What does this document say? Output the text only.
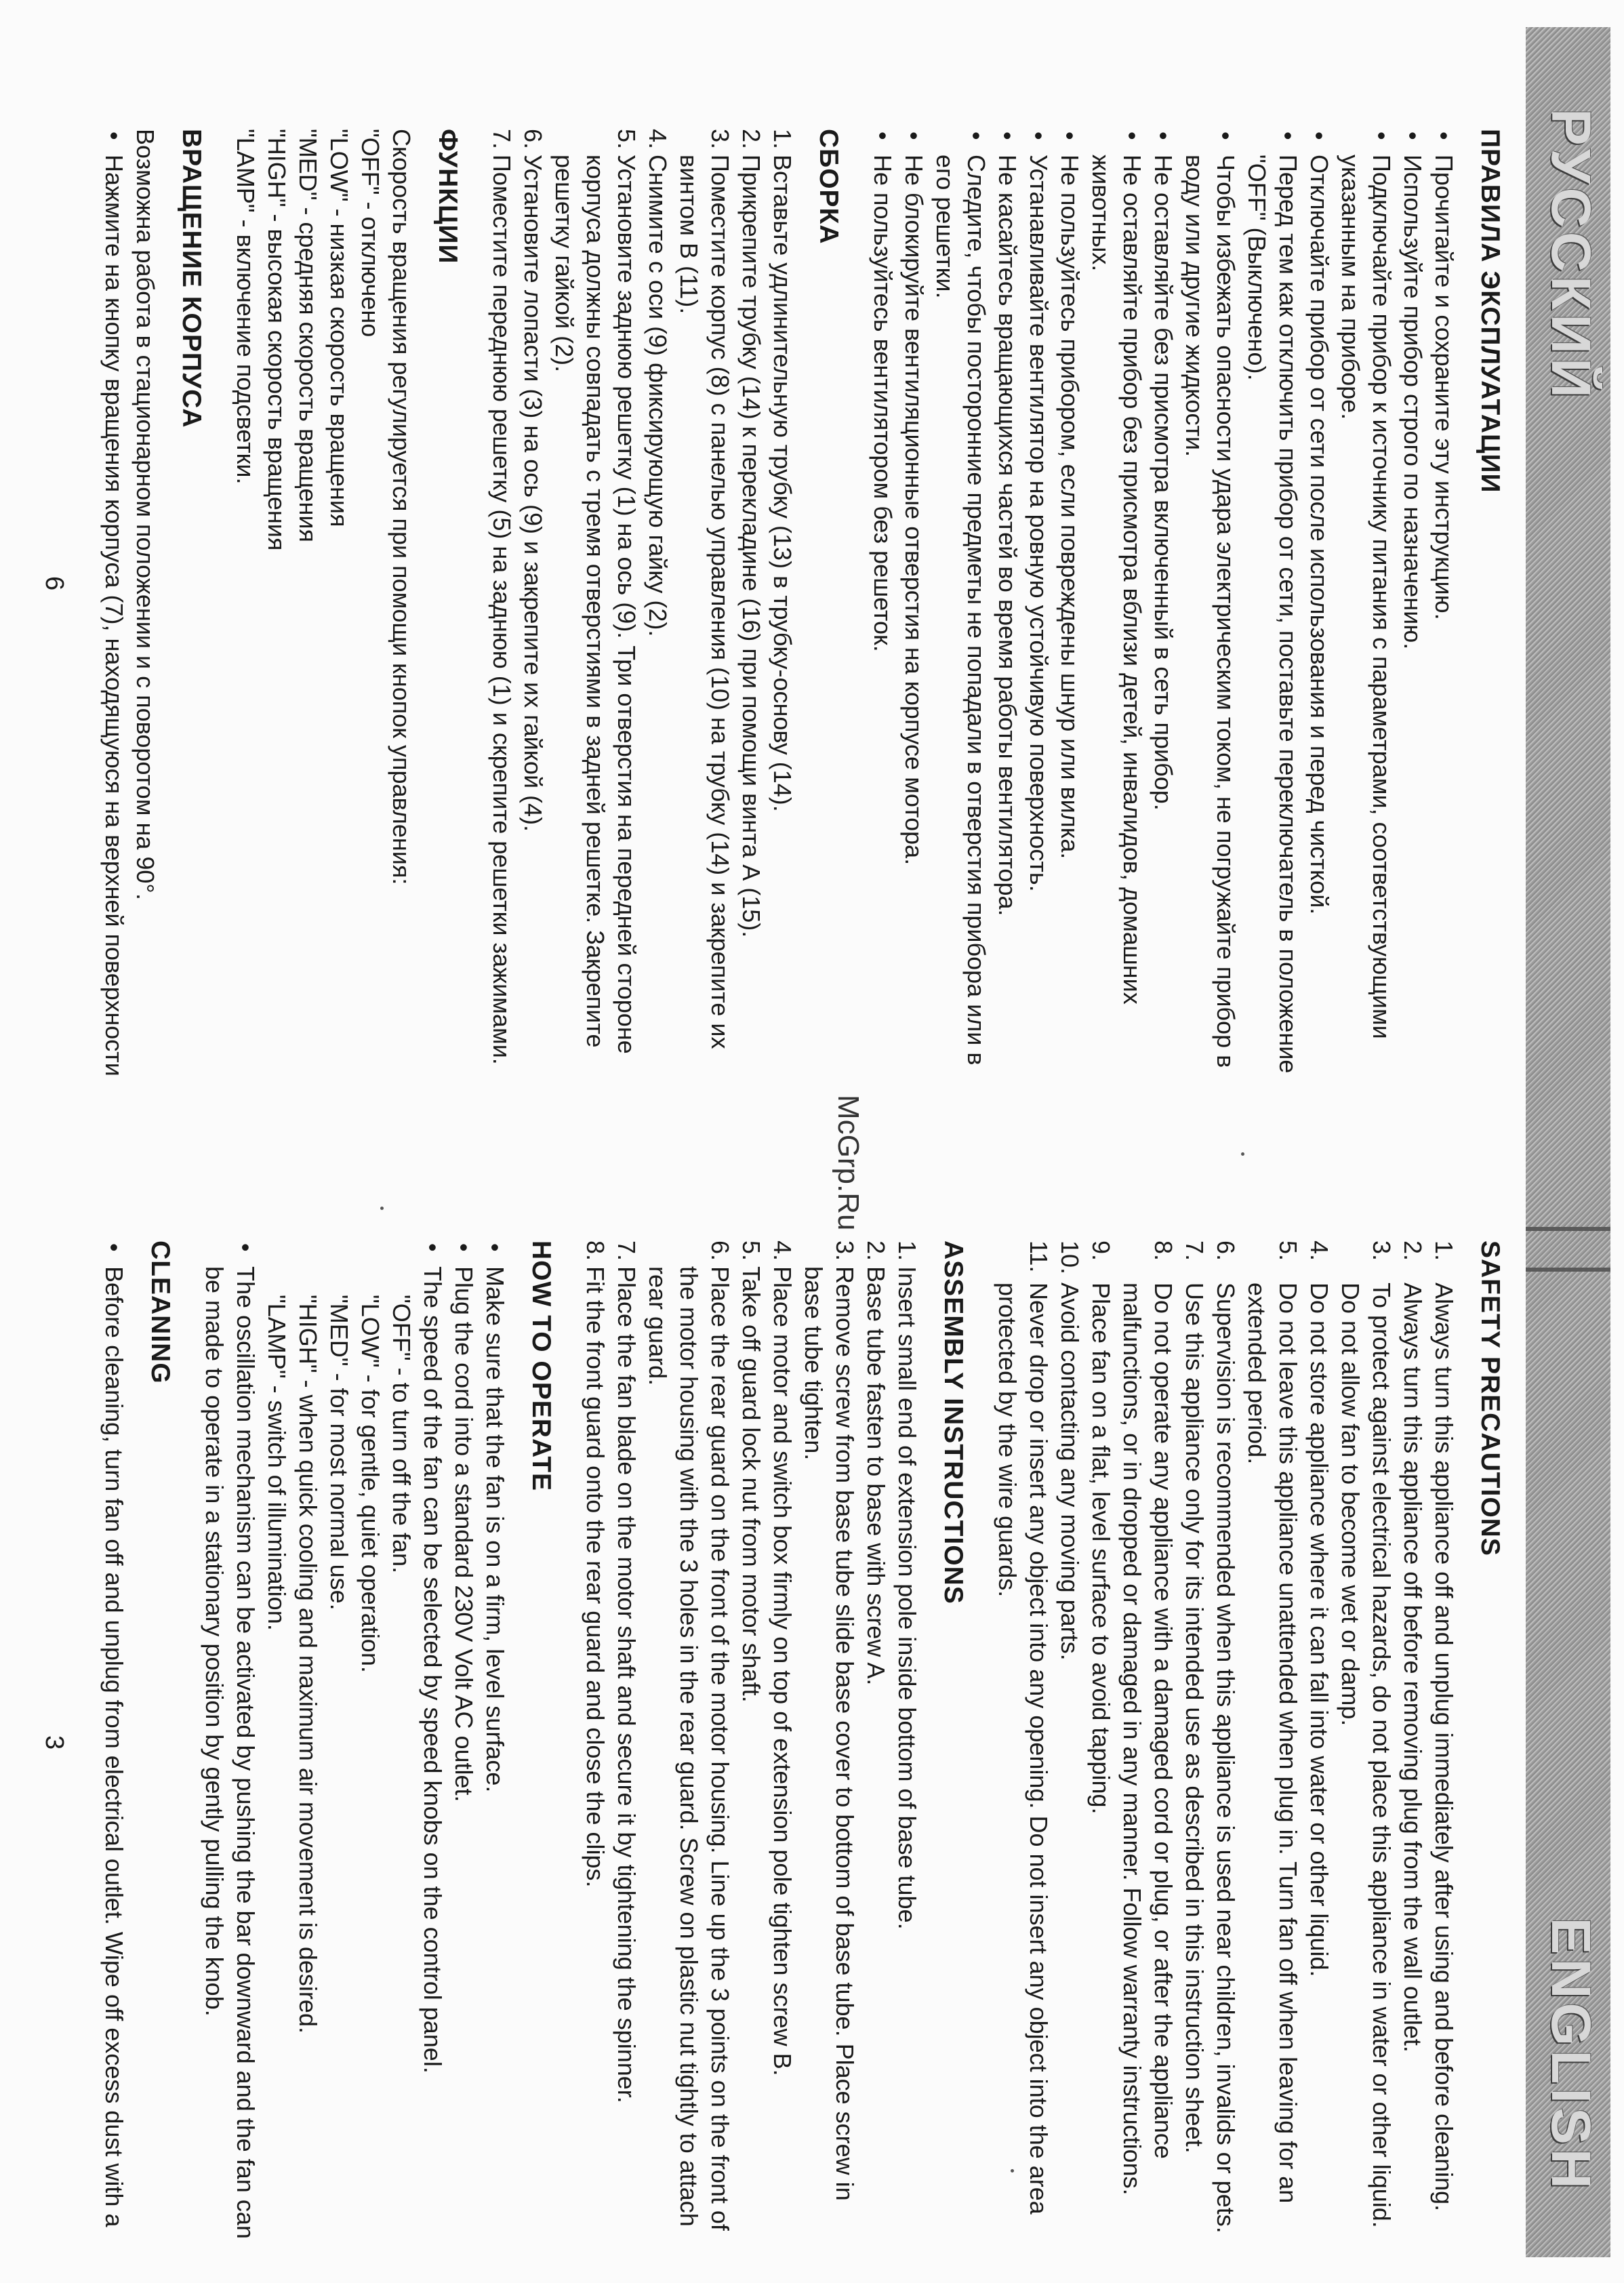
РУССКИЙ
ENGLISH
ПРАВИЛА ЭКСПЛУАТАЦИИ
• Прочитайте и сохраните эту инструкцию.
• Используйте прибор строго по назначению.
• Подключайте прибор к источнику питания с параметрами, соответствующими указанным на приборе.
• Отключайте прибор от сети после использования и перед чисткой.
• Перед тем как отключить прибор от сети, поставьте переключатель в положение "OFF" (Выключено).
• Чтобы избежать опасности удара электрическим током, не погружайте прибор в воду или другие жидкости.
• Не оставляйте без присмотра включенный в сеть прибор.
• Не оставляйте прибор без присмотра вблизи детей, инвалидов, домашних животных.
• Не пользуйтесь прибором, если повреждены шнур или вилка.
• Устанавливайте вентилятор на ровную устойчивую поверхность.
• Не касайтесь вращающихся частей во время работы вентилятора.
• Следите, чтобы посторонние предметы не попадали в отверстия прибора или в его решетки.
• Не блокируйте вентиляционные отверстия на корпусе мотора.
• Не пользуйтесь вентилятором без решеток.
СБОРКА
1.
Вставьте удлинительную трубку (13) в трубку-основу (14).
2.
Прикрепите трубку (14) к перекладине (16) при помощи винта А (15).
3.
Поместите корпус (8) с панелью управления (10) на трубку (14) и закрепите их винтом В (11).
4.
Снимите с оси (9) фиксирующую гайку (2).
5.
Установите заднюю решетку (1) на ось (9). Три отверстия на передней стороне корпуса должны совпадать с тремя отверстиями в задней решетке. Закрепите решетку гайкой (2).
6.
Установите лопасти (3) на ось (9) и закрепите их гайкой (4).
7.
Поместите переднюю решетку (5) на заднюю (1) и скрепите решетки зажимами.
ФУНКЦИИ

Скорость вращения регулируется при помощи кнопок управления:

"OFF" - отключено

"LOW" - низкая скорость вращения

"MED" - средняя скорость вращения

"HIGH" - высокая скорость вращения

"LAMP" - включение подсветки.

ВРАЩЕНИЕ КОРПУСА

Возможна работа в стационарном положении и с поворотом на 90°.

• Нажмите на кнопку вращения корпуса (7), находящуюся на верхней поверхности
6
McGrp.Ru
SAFETY PRECAUTIONS
1.
Always turn this appliance off and unplug immediately after using and before cleaning.
2.
Always turn this appliance off before removing plug from the wall outlet.
3.
To protect against electrical hazards, do not place this appliance in water or other liquid. Do not allow fan to become wet or damp.
4.
Do not store appliance where it can fall into water or other liquid.
5.
Do not leave this appliance unattended when plug in. Turn fan off when leaving for an extended period.
6.
Supervision is recommended when this appliance is used near children, invalids or pets.
7.
Use this appliance only for its intended use as described in this instruction sheet.
8.
Do not operate any appliance with a damaged cord or plug, or after the appliance malfunctions, or in dropped or damaged in any manner. Follow warranty instructions.
9.
Place fan on a flat, level surface to avoid tapping.
10.
Avoid contacting any moving parts.
11.
Never drop or insert any object into any opening. Do not insert any object into the area protected by the wire guards.
ASSEMBLY INSTRUCTIONS
1.
Insert small end of extension pole inside bottom of base tube.
2.
Base tube fasten to base with screw A.
3.
Remove screw from base tube slide base cover to bottom of base tube. Place screw in base tube tighten.
4.
Place motor and switch box firmly on top of extension pole tighten screw B.
5.
Take off guard lock nut from motor shaft.
6.
Place the rear guard on the front of the motor housing. Line up the 3 points on the front of the motor housing with the 3 holes in the rear guard. Screw on plastic nut tightly to attach rear guard.
7.
Place the fan blade on the motor shaft and secure it by tightening the spinner.
8.
Fit the front guard onto the rear guard and close the clips.
HOW TO OPERATE
• Make sure that the fan is on a firm, level surface.
• Plug the cord into a standard 230V Volt AC outlet.
• The speed of the fan can be selected by speed knobs on the control panel.

"OFF" - to turn off the fan.

"LOW" - for gentle, quiet operation.

"MED" - for most normal use.

"HIGH" - when quick cooling and maximum air movement is desired.

"LAMP" - switch of illumination.

• The oscillation mechanism can be activated by pushing the bar downward and the fan can be made to operate in a stationary position by gently pulling the knob.
CLEANING
• Before cleaning, turn fan off and unplug from electrical outlet. Wipe off excess dust with a
3
